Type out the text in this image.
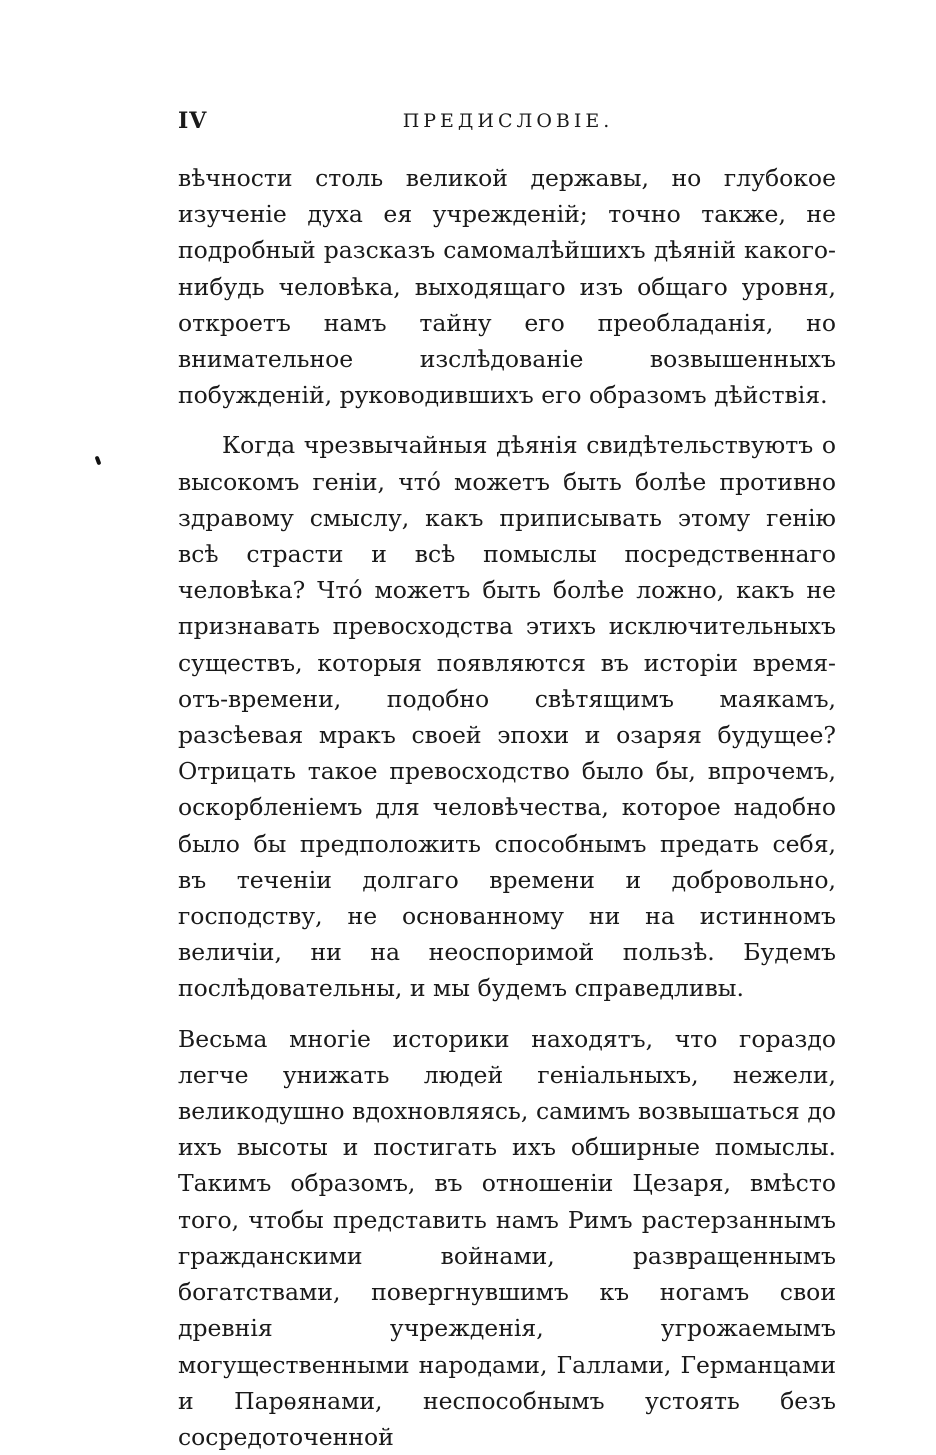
IV	ПРЕДИСЛОВІЕ.

вѣчности столь великой державы, но глубокое изученіе духа ея учрежденій; точно также, не подробный разсказъ самомалѣйшихъ дѣяній какого-нибудь человѣка, выходящаго изъ общаго уровня, откроетъ намъ тайну его преобладанія, но внимательное изслѣдованіе возвышенныхъ побужденій, руководившихъ его образомъ дѣйствія.

Когда чрезвычайныя дѣянія свидѣтельствуютъ о высокомъ геніи, что́ можетъ быть болѣе противно здравому смыслу, какъ приписывать этому генію всѣ страсти и всѣ помыслы посредственнаго человѣка? Что́ можетъ быть болѣе ложно, какъ не признавать превосходства этихъ исключительныхъ существъ, которыя появляются въ исторіи время-отъ-времени, подобно свѣтящимъ маякамъ, разсѣевая мракъ своей эпохи и озаряя будущее? Отрицать такое превосходство было бы, впрочемъ, оскорбленіемъ для человѣчества, которое надобно было бы предположить способнымъ предать себя, въ теченіи долгаго времени и добровольно, господству, не основанному ни на истинномъ величіи, ни на неоспоримой пользѣ. Будемъ послѣдовательны, и мы будемъ справедливы.

Весьма многіе историки находятъ, что гораздо легче унижать людей геніальныхъ, нежели, великодушно вдохновляясь, самимъ возвышаться до ихъ высоты и постигать ихъ обширные помыслы. Такимъ образомъ, въ отношеніи Цезаря, вмѣсто того, чтобы представить намъ Римъ растерзаннымъ гражданскими войнами, развращеннымъ богатствами, повергнувшимъ къ ногамъ свои древнія учрежденія, угрожаемымъ могущественными народами, Галлами, Германцами и Парѳянами, неспособнымъ устоять безъ сосредоточенной
